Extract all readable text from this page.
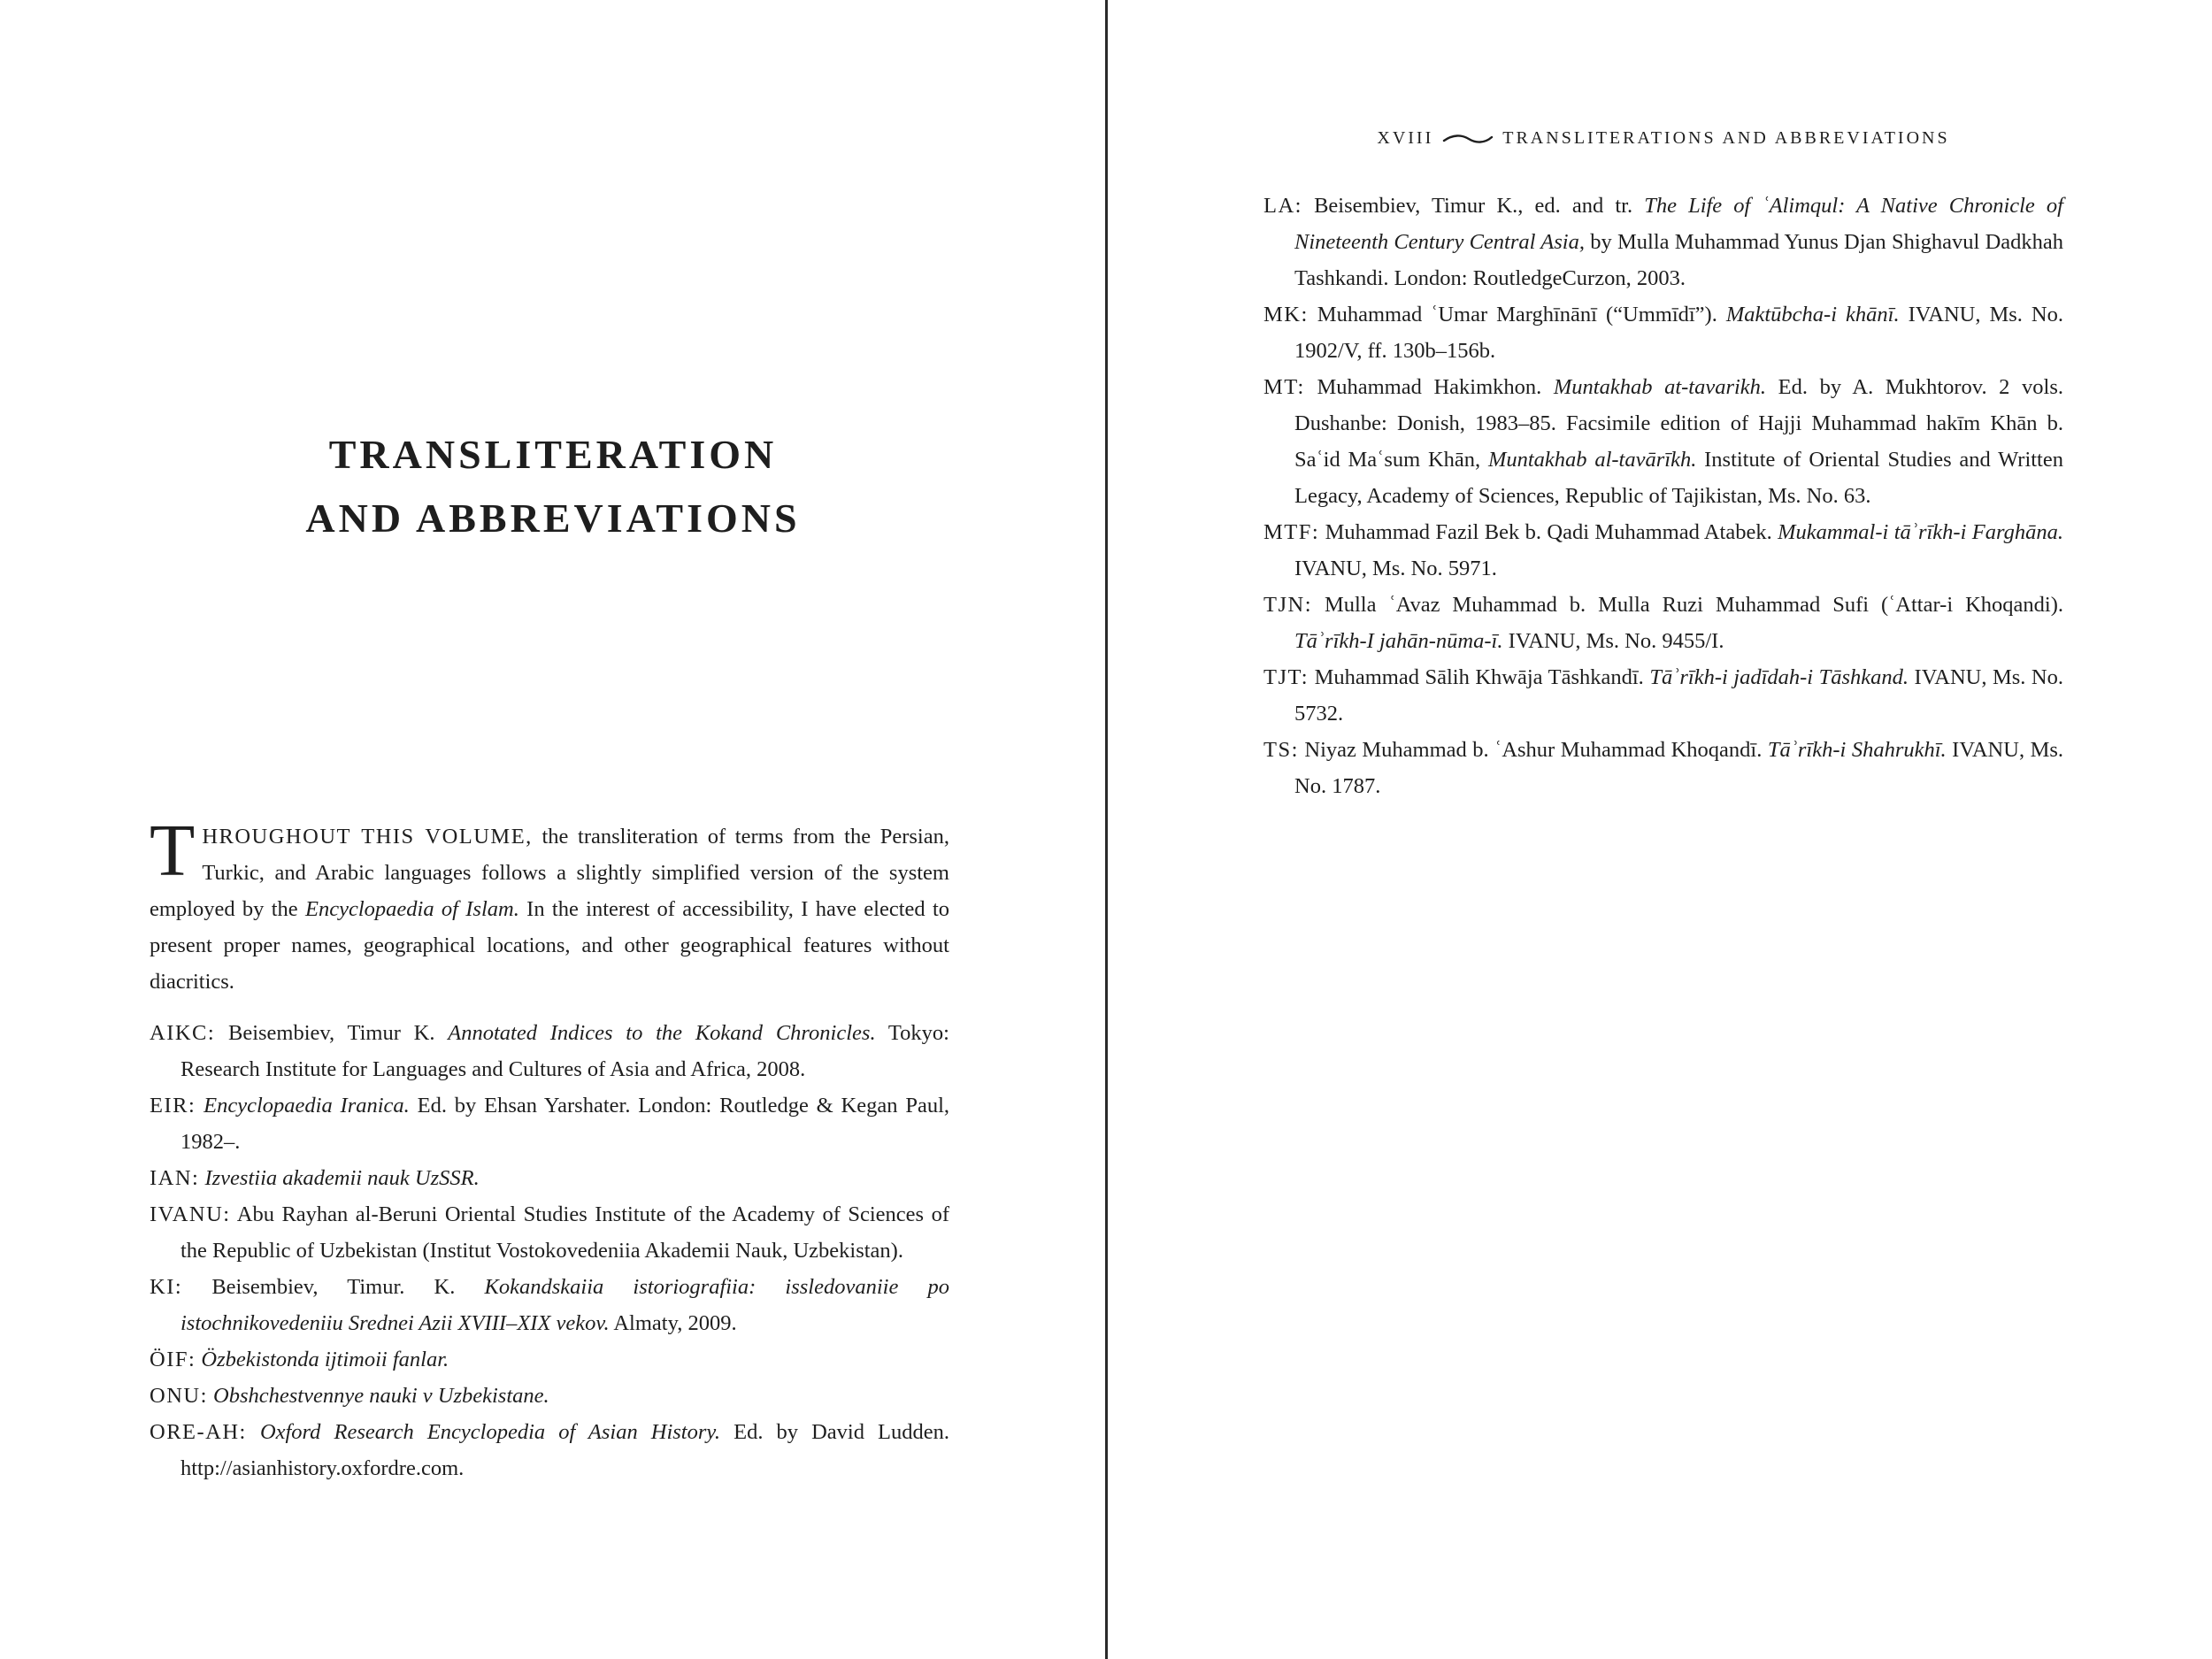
TRANSLITERATION
AND ABBREVIATIONS

THROUGHOUT THIS VOLUME, the transliteration of terms from the Persian, Turkic, and Arabic languages follows a slightly simplified version of the system employed by the Encyclopaedia of Islam. In the interest of accessibility, I have elected to present proper names, geographical locations, and other geographical features without diacritics.

AIKC: Beisembiev, Timur K. Annotated Indices to the Kokand Chronicles. Tokyo: Research Institute for Languages and Cultures of Asia and Africa, 2008.
EIR: Encyclopaedia Iranica. Ed. by Ehsan Yarshater. London: Routledge & Kegan Paul, 1982–.
IAN: Izvestiia akademii nauk UzSSR.
IVANU: Abu Rayhan al-Beruni Oriental Studies Institute of the Academy of Sciences of the Republic of Uzbekistan (Institut Vostokovedeniia Akademii Nauk, Uzbekistan).
KI: Beisembiev, Timur. K. Kokandskaiia istoriografiia: issledovaniie po istochnikovedeniiu Srednei Azii XVIII–XIX vekov. Almaty, 2009.
ÖIF: Özbekistonda ijtimoii fanlar.
ONU: Obshchestvennye nauki v Uzbekistane.
ORE-AH: Oxford Research Encyclopedia of Asian History. Ed. by David Ludden. http://asianhistory.oxfordre.com.
XVIII	TRANSLITERATIONS AND ABBREVIATIONS
LA: Beisembiev, Timur K., ed. and tr. The Life of ʿAlimqul: A Native Chronicle of Nineteenth Century Central Asia, by Mulla Muhammad Yunus Djan Shighavul Dadkhah Tashkandi. London: RoutledgeCurzon, 2003.
MK: Muhammad ʿUmar Marghīnānī (“Ummīdī”). Maktūbcha-i khānī. IVANU, Ms. No. 1902/V, ff. 130b–156b.
MT: Muhammad Hakimkhon. Muntakhab at-tavarikh. Ed. by A. Mukhtorov. 2 vols. Dushanbe: Donish, 1983–85. Facsimile edition of Hajji Muhammad hakīm Khān b. Saʿid Maʿsum Khān, Muntakhab al-tavārīkh. Institute of Oriental Studies and Written Legacy, Academy of Sciences, Republic of Tajikistan, Ms. No. 63.
MTF: Muhammad Fazil Bek b. Qadi Muhammad Atabek. Mukammal-i tāʾrīkh-i Farghāna. IVANU, Ms. No. 5971.
TJN: Mulla ʿAvaz Muhammad b. Mulla Ruzi Muhammad Sufi (ʿAttar-i Khoqandi). Tāʾrīkh-I jahān-nūma-ī. IVANU, Ms. No. 9455/I.
TJT: Muhammad Sālih Khwāja Tāshkandī. Tāʾrīkh-i jadīdah-i Tāshkand. IVANU, Ms. No. 5732.
TS: Niyaz Muhammad b. ʿAshur Muhammad Khoqandī. Tāʾrīkh-i Shahrukhī. IVANU, Ms. No. 1787.
